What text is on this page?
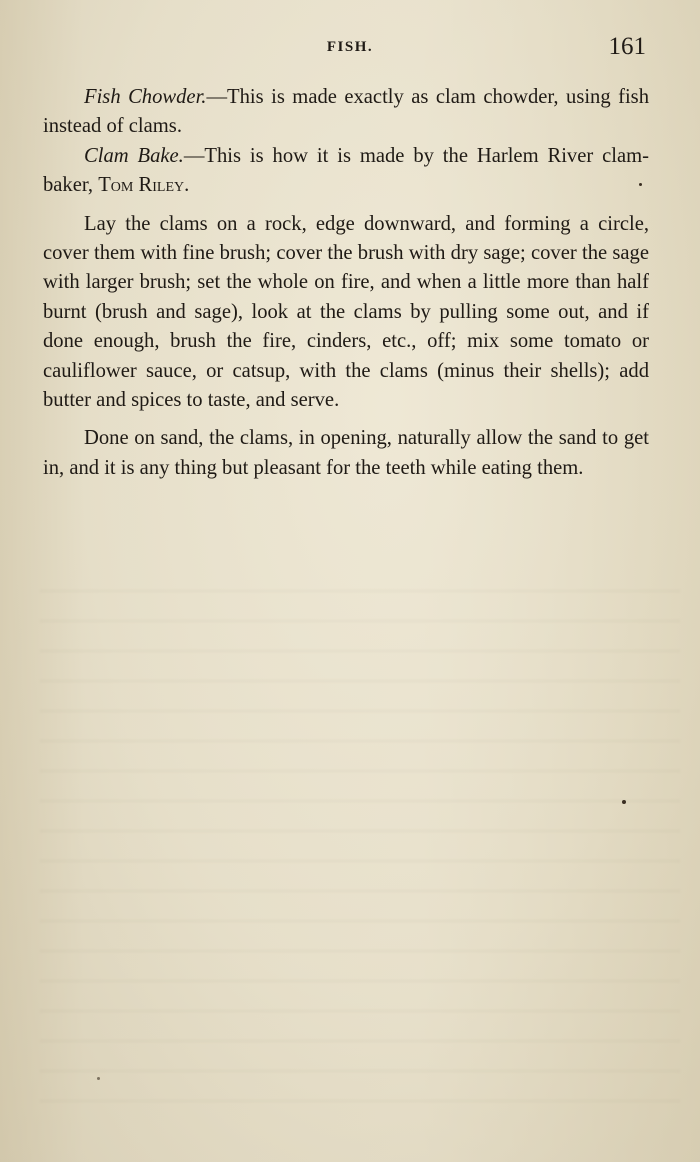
FISH.	161

Fish Chowder.—This is made exactly as clam chowder, using fish instead of clams.

Clam Bake.—This is how it is made by the Harlem River clam-baker, Tom Riley.

Lay the clams on a rock, edge downward, and forming a circle, cover them with fine brush; cover the brush with dry sage; cover the sage with larger brush; set the whole on fire, and when a little more than half burnt (brush and sage), look at the clams by pulling some out, and if done enough, brush the fire, cinders, etc., off; mix some tomato or cauliflower sauce, or catsup, with the clams (minus their shells); add butter and spices to taste, and serve.

Done on sand, the clams, in opening, naturally allow the sand to get in, and it is any thing but pleasant for the teeth while eating them.
